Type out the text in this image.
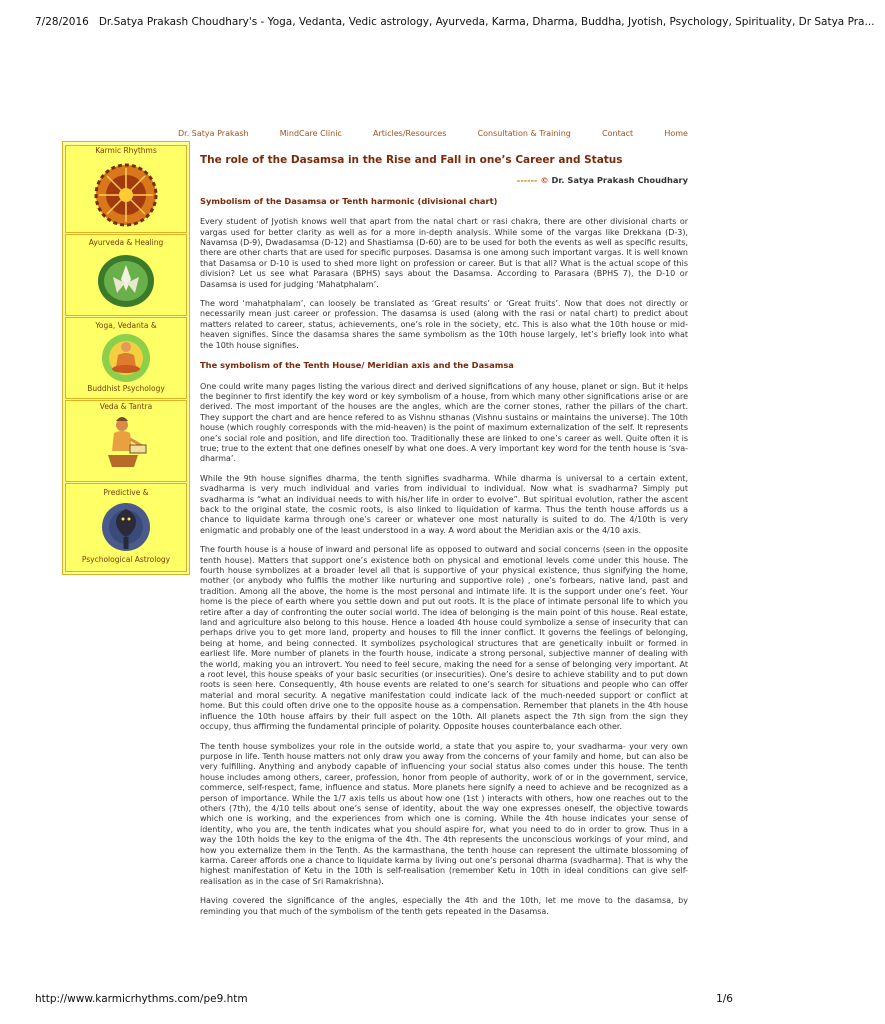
7/28/2016 Dr.Satya Prakash Choudhary's - Yoga, Vedanta, Vedic astrology, Ayurveda, Karma, Dharma, Buddha, Jyotish, Psychology, Spirituality, Dr Satya Pra...
Dr. Satya Prakash	MindCare Clinic	Articles/Resources	Consultation & Training	Contact	Home
Karmic Rhythms
Ayurveda & Healing
Yoga, Vedanta &
Buddhist Psychology
Veda & Tantra
Predictive &
Psychological Astrology
The role of the Dasamsa in the Rise and Fall in one’s Career and Status
------ © Dr. Satya Prakash Choudhary
Symbolism of the Dasamsa or Tenth harmonic (divisional chart)

Every student of Jyotish knows well that apart from the natal chart or rasi chakra, there are other divisional charts or vargas used for better clarity as well as for a more in-depth analysis. While some of the vargas like Drekkana (D-3), Navamsa (D-9), Dwadasamsa (D-12) and Shastiamsa (D-60) are to be used for both the events as well as specific results, there are other charts that are used for specific purposes. Dasamsa is one among such important vargas. It is well known that Dasamsa or D-10 is used to shed more light on profession or career. But is that all? What is the actual scope of this division? Let us see what Parasara (BPHS) says about the Dasamsa. According to Parasara (BPHS 7), the D-10 or Dasamsa is used for judging ‘Mahatphalam’.

The word ‘mahatphalam’, can loosely be translated as ‘Great results’ or ‘Great fruits’. Now that does not directly or necessarily mean just career or profession. The dasamsa is used (along with the rasi or natal chart) to predict about matters related to career, status, achievements, one’s role in the society, etc. This is also what the 10th house or mid-heaven signifies. Since the dasamsa shares the same symbolism as the 10th house largely, let’s briefly look into what the 10th house signifies.

The symbolism of the Tenth House/ Meridian axis and the Dasamsa

One could write many pages listing the various direct and derived significations of any house, planet or sign. But it helps the beginner to first identify the key word or key symbolism of a house, from which many other significations arise or are derived. The most important of the houses are the angles, which are the corner stones, rather the pillars of the chart. They support the chart and are hence refered to as Vishnu sthanas (Vishnu sustains or maintains the universe). The 10th house (which roughly corresponds with the mid-heaven) is the point of maximum externalization of the self. It represents one’s social role and position, and life direction too. Traditionally these are linked to one’s career as well. Quite often it is true; true to the extent that one defines oneself by what one does. A very important key word for the tenth house is ‘sva-dharma’.

While the 9th house signifies dharma, the tenth signifies svadharma. While dharma is universal to a certain extent, svadharma is very much individual and varies from individual to individual. Now what is svadharma? Simply put svadharma is “what an individual needs to with his/her life in order to evolve”. But spiritual evolution, rather the ascent back to the original state, the cosmic roots, is also linked to liquidation of karma. Thus the tenth house affords us a chance to liquidate karma through one’s career or whatever one most naturally is suited to do. The 4/10th is very enigmatic and probably one of the least understood in a way. A word about the Meridian axis or the 4/10 axis.

The fourth house is a house of inward and personal life as opposed to outward and social concerns (seen in the opposite tenth house). Matters that support one’s existence both on physical and emotional levels come under this house. The fourth house symbolizes at a broader level all that is supportive of your physical existence, thus signifying the home, mother (or anybody who fulfils the mother like nurturing and supportive role) , one’s forbears, native land, past and tradition. Among all the above, the home is the most personal and intimate life. It is the support under one’s feet. Your home is the piece of earth where you settle down and put out roots. It is the place of intimate personal life to which you retire after a day of confronting the outer social world. The idea of belonging is the main point of this house. Real estate, land and agriculture also belong to this house. Hence a loaded 4th house could symbolize a sense of insecurity that can perhaps drive you to get more land, property and houses to fill the inner conflict. It governs the feelings of belonging, being at home, and being connected. It symbolizes psychological structures that are genetically inbuilt or formed in earliest life. More number of planets in the fourth house, indicate a strong personal, subjective manner of dealing with the world, making you an introvert. You need to feel secure, making the need for a sense of belonging very important. At a root level, this house speaks of your basic securities (or insecurities). One’s desire to achieve stability and to put down roots is seen here. Consequently, 4th house events are related to one’s search for situations and people who can offer material and moral security. A negative manifestation could indicate lack of the much-needed support or conflict at home. But this could often drive one to the opposite house as a compensation. Remember that planets in the 4th house influence the 10th house affairs by their full aspect on the 10th. All planets aspect the 7th sign from the sign they occupy, thus affirming the fundamental principle of polarity. Opposite houses counterbalance each other.

The tenth house symbolizes your role in the outside world, a state that you aspire to, your svadharma- your very own purpose in life. Tenth house matters not only draw you away from the concerns of your family and home, but can also be very fulfilling. Anything and anybody capable of influencing your social status also comes under this house. The tenth house includes among others, career, profession, honor from people of authority, work of or in the government, service, commerce, self-respect, fame, influence and status. More planets here signify a need to achieve and be recognized as a person of importance. While the 1/7 axis tells us about how one (1st ) interacts with others, how one reaches out to the others (7th), the 4/10 tells about one’s sense of identity, about the way one expresses oneself, the objective towards which one is working, and the experiences from which one is coming. While the 4th house indicates your sense of identity, who you are, the tenth indicates what you should aspire for, what you need to do in order to grow. Thus in a way the 10th holds the key to the enigma of the 4th. The 4th represents the unconscious workings of your mind, and how you externalize them in the Tenth. As the karmasthana, the tenth house can represent the ultimate blossoming of karma. Career affords one a chance to liquidate karma by living out one’s personal dharma (svadharma). That is why the highest manifestation of Ketu in the 10th is self-realisation (remember Ketu in 10th in ideal conditions can give self-realisation as in the case of Sri Ramakrishna).

Having covered the significance of the angles, especially the 4th and the 10th, let me move to the dasamsa, by reminding you that much of the symbolism of the tenth gets repeated in the Dasamsa.

http://www.karmicrhythms.com/pe9.htm	1/6
